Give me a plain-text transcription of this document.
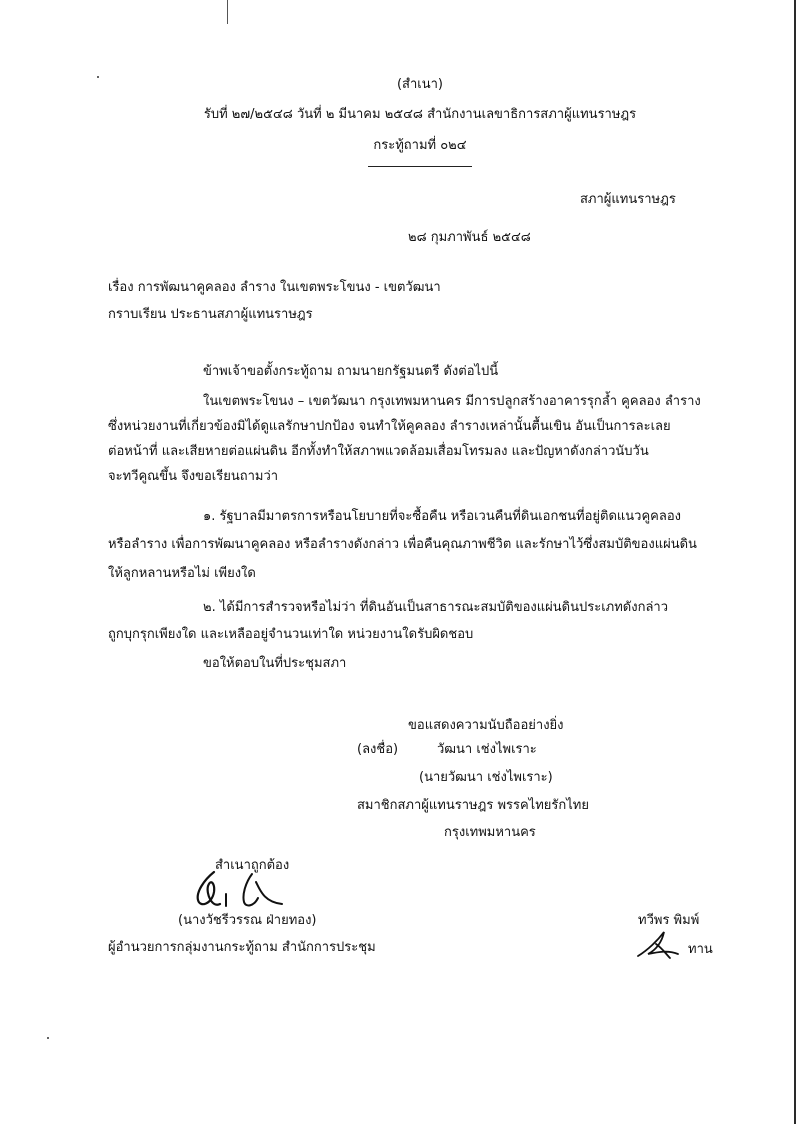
(สำเนา)
รับที่ ๒๗/๒๕๔๘ วันที่ ๒ มีนาคม ๒๕๔๘ สำนักงานเลขาธิการสภาผู้แทนราษฎร
กระทู้ถามที่ ๐๒๔
สภาผู้แทนราษฎร
๒๘ กุมภาพันธ์ ๒๕๔๘
เรื่อง การพัฒนาคูคลอง ลำราง ในเขตพระโขนง - เขตวัฒนา
กราบเรียน ประธานสภาผู้แทนราษฎร
ข้าพเจ้าขอตั้งกระทู้ถาม ถามนายกรัฐมนตรี ดังต่อไปนี้
ในเขตพระโขนง – เขตวัฒนา กรุงเทพมหานคร มีการปลูกสร้างอาคารรุกล้ำ คูคลอง ลำราง
ซึ่งหน่วยงานที่เกี่ยวข้องมิได้ดูแลรักษาปกป้อง จนทำให้คูคลอง ลำรางเหล่านั้นตื้นเขิน อันเป็นการละเลย
ต่อหน้าที่ และเสียหายต่อแผ่นดิน อีกทั้งทำให้สภาพแวดล้อมเสื่อมโทรมลง และปัญหาดังกล่าวนับวัน
จะทวีคูณขึ้น จึงขอเรียนถามว่า
๑. รัฐบาลมีมาตรการหรือนโยบายที่จะซื้อคืน หรือเวนคืนที่ดินเอกชนที่อยู่ติดแนวคูคลอง
หรือลำราง เพื่อการพัฒนาคูคลอง หรือลำรางดังกล่าว เพื่อคืนคุณภาพชีวิต และรักษาไว้ซึ่งสมบัติของแผ่นดิน
ให้ลูกหลานหรือไม่ เพียงใด
๒. ได้มีการสำรวจหรือไม่ว่า ที่ดินอันเป็นสาธารณะสมบัติของแผ่นดินประเภทดังกล่าว
ถูกบุกรุกเพียงใด และเหลืออยู่จำนวนเท่าใด หน่วยงานใดรับผิดชอบ
ขอให้ตอบในที่ประชุมสภา
ขอแสดงความนับถืออย่างยิ่ง
(ลงชื่อ)	วัฒนา เช่งไพเราะ
(นายวัฒนา เช่งไพเราะ)
สมาชิกสภาผู้แทนราษฎร พรรคไทยรักไทย
กรุงเทพมหานคร
สำเนาถูกต้อง
(นางวัชรีวรรณ ฝ่ายทอง)
ผู้อำนวยการกลุ่มงานกระทู้ถาม สำนักการประชุม
ทวีพร พิมพ์
ทาน
